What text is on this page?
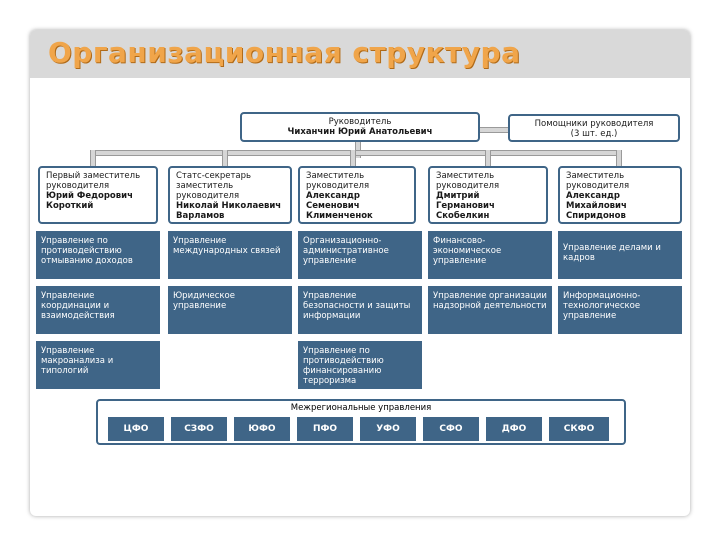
Организационная структура
Руководитель
Чиханчин Юрий Анатольевич
Помощники руководителя
(3 шт. ед.)
Первый заместитель руководителя
Юрий Федорович Короткий
Статс-секретарь заместитель руководителя
Николай Николаевич Варламов
Заместитель руководителя
Александр Семенович Клименченок
Заместитель руководителя
Дмитрий Германович Скобелкин
Заместитель руководителя
Александр Михайлович Спиридонов
Управление по противодействию отмыванию доходов
Управление координации и взаимодействия
Управление макроанализа и типологий
Управление международных связей
Юридическое управление
Организационно-административное управление
Управление безопасности и защиты информации
Управление по противодействию финансированию терроризма
Финансово-экономическое управление
Управление организации надзорной деятельности
Управление делами и кадров
Информационно-технологическое управление
Межрегиональные управления
ЦФО	СЗФО	ЮФО	ПФО	УФО	СФО	ДФО	СКФО
